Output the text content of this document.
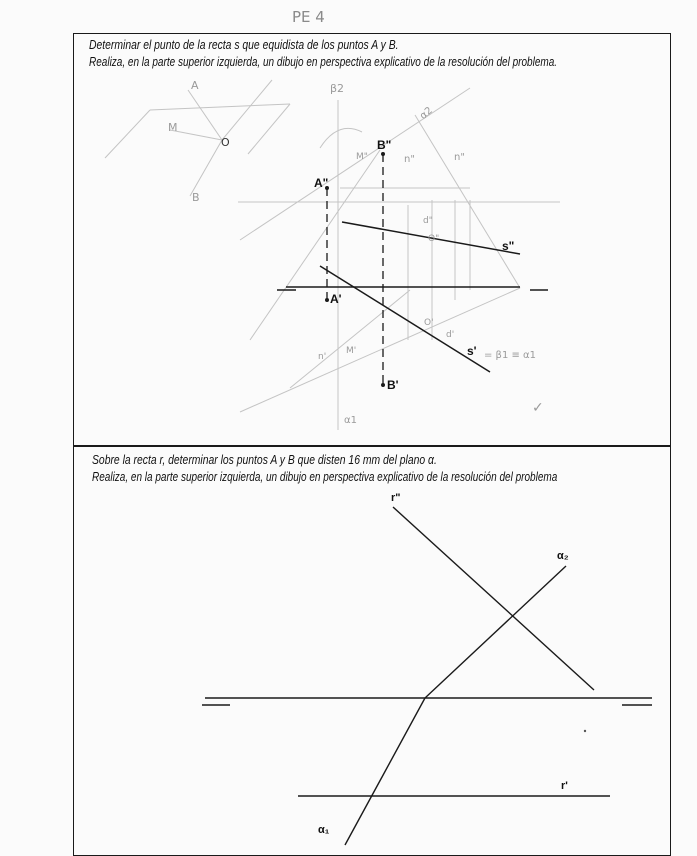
PE 4
Determinar el punto de la recta s que equidista de los puntos A y B.
Realiza, en la parte superior izquierda, un dibujo en perspectiva explicativo de la resolución del problema.
A"
B"
s"
A'
B'
s'
A
M
O
B
β2
α2
M"	n"	n"
d"
O"
M'
n'
O'
d'
= β1 ≡ α1
α1
✓
Sobre la recta r, determinar los puntos A y B que disten 16 mm del plano α.
Realiza, en la parte superior izquierda, un dibujo en perspectiva explicativo de la resolución del problema
r"
α₂
r'
α₁
